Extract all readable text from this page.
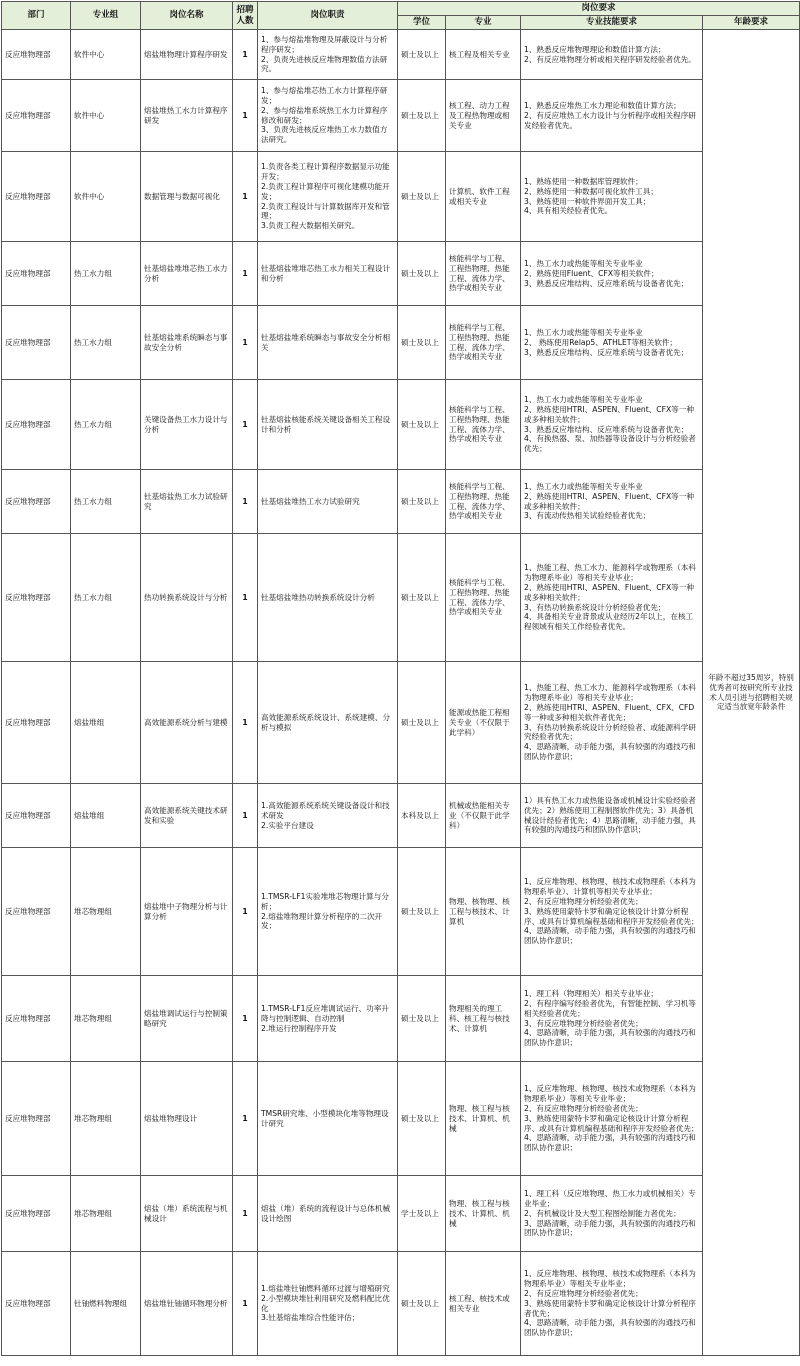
部门	专业组	岗位名称	招聘人数	岗位职责	岗位要求			
					学位	专业	专业技能要求	年龄要求
反应堆物理部	软件中心	熔盐堆物理计算程序研发	1	1、参与熔盐堆物理及屏蔽设计与分析程序研发；
2、负责先进核反应堆物理数值方法研究。	硕士及以上	核工程及相关专业	1、熟悉反应堆物理理论和数值计算方法；
2、有反应堆物理分析或相关程序研发经验者优先。	年龄不超过35周岁，特别优秀者可按研究所专业技术人员引进与招聘相关规定适当放宽年龄条件
反应堆物理部	软件中心	熔盐堆热工水力计算程序研发	1	1、参与熔盐堆芯热工水力计算程序研发；
2、参与熔盐堆系统热工水力计算程序修改和研发；
3、负责先进核反应堆热工水力数值方法研究。	硕士及以上	核工程、动力工程及工程热物理或相关专业	1、熟悉反应堆热工水力理论和数值计算方法；
2、有反应堆热工水力设计与分析程序或相关程序研发经验者优先。	

反应堆物理部	软件中心	数据管理与数据可视化	1	1.负责各类工程计算程序数据显示功能开发；
2.负责工程计算程序可视化建模功能开发；
2.负责工程设计与计算数据库开发和管理；
3.负责工程大数据相关研究。	硕士及以上	计算机、软件工程或相关专业	1、熟练使用一种数据库管理软件；
2、熟练使用一种数据可视化软件工具；
3、熟练使用一种软件界面开发工具；
4、具有相关经验者优先。	

反应堆物理部	热工水力组	钍基熔盐堆堆芯热工水力分析	1	钍基熔盐堆堆芯热工水力相关工程设计和分析	硕士及以上	核能科学与工程、工程热物理、热能工程、流体力学、热学或相关专业	1、热工水力或热能等相关专业毕业
2、熟练使用Fluent、CFX等相关软件；
3、熟悉反应堆结构、反应堆系统与设备者优先；	

反应堆物理部	热工水力组	钍基熔盐堆系统瞬态与事故安全分析	1	钍基熔盐堆系统瞬态与事故安全分析相关	硕士及以上	核能科学与工程、工程热物理、热能工程、流体力学、热学或相关专业	1、热工水力或热能等相关专业毕业
2、 熟练使用Relap5、ATHLET等相关软件；
3、熟悉反应堆结构、反应堆系统与设备者优先；	

反应堆物理部	热工水力组	关键设备热工水力设计与分析	1	钍基熔盐核能系统关键设备相关工程设计和分析	硕士及以上	核能科学与工程、工程热物理、热能工程、流体力学、热学或相关专业	1、热工水力或热能等相关专业毕业
2、熟练使用HTRI、ASPEN、Fluent、CFX等一种或多种相关软件；
3、熟悉反应堆结构、反应堆系统与设备者优先；
4、有换热器、泵、加热器等设备设计与分析经验者优先；	

反应堆物理部	热工水力组	钍基熔盐热工水力试验研究	1	钍基熔盐堆热工水力试验研究	硕士及以上	核能科学与工程、工程热物理、热能工程、流体力学、热学或相关专业	1、热工水力或热能等相关专业毕业
2、熟练使用HTRI、ASPEN、Fluent、CFX等一种或多种相关软件；
3、有流动传热相关试验经验者优先；	

反应堆物理部	热工水力组	热功转换系统设计与分析	1	钍基熔盐堆热功转换系统设计分析	硕士及以上	核能科学与工程、工程热物理、热能工程、流体力学、热学或相关专业	1、热能工程、热工水力、能源科学或物理系（本科为物理系毕业）等相关专业毕业；
2、熟练使用HTRI、ASPEN、Fluent、CFX等一种或多种相关软件；
3、有热功转换系统设计分析经验者优先；
4、具备相关专业背景或从业经历2年以上，在核工程领域有相关工作经验者优先。	

反应堆物理部	熔盐堆组	高效能源系统分析与建模	1	高效能源系统系统设计、系统建模、分析与模拟	硕士及以上	能源或热能工程相关专业（不仅限于此学科）	1、热能工程、热工水力、能源科学或物理系（本科为物理系毕业）等相关专业毕业；
2、熟练使用HTRI、ASPEN、Fluent、CFX、CFD等一种或多种相关软件者优先；
3、有热功转换系统设计分析经验者、或能源科学研究经验者优先；
4、思路清晰，动手能力强，具有较强的沟通技巧和团队协作意识；	

反应堆物理部	熔盐堆组	高效能源系统关键技术研发和实验	1	1.高效能源系统系统关键设备设计和技术研发
2.实验平台建设	本科及以上	机械或热能相关专业（不仅限于此学科）	1）具有热工水力或热能设备或机械设计实验经验者优先；2）熟练使用工程制图软件优先；3）具备机械设计经验者优先；4）思路清晰，动手能力强，具有较强的沟通技巧和团队协作意识；	

反应堆物理部	堆芯物理组	熔盐堆中子物理分析与计算分析	1	1.TMSR-LF1实验堆堆芯物理计算与分析；
2.熔盐堆物理计算分析程序的二次开发；	硕士及以上	物理、核物理、核工程与核技术、计算机	1、反应堆物理、核物理、核技术或物理系（本科为物理系毕业）、计算机等相关专业毕业；
2、有反应堆物理分析经验者优先；
3、熟练使用蒙特卡罗和确定论核设计计算分析程序、或具有计算机编程基础和程序开发经验者优先；
4、思路清晰，动手能力强，具有较强的沟通技巧和团队协作意识；	

反应堆物理部	堆芯物理组	熔盐堆调试运行与控制策略研究	1	1.TMSR-LF1反应堆调试运行、功率升降与控制逻辑、自动控制
2.堆运行控制程序开发	硕士及以上	物理相关的理工科、核工程与核技术、计算机	1、理工科（物理相关）相关专业毕业；
2、有程序编写经验者优先，有智能控制、学习机等相关经验者优先；
3、有反应堆物理分析经验者优先；
4、思路清晰，动手能力强，具有较强的沟通技巧和团队协作意识；	

反应堆物理部	堆芯物理组	熔盐堆物理设计	1	TMSR研究堆、小型模块化堆等物理设计研究	硕士及以上	物理、核工程与核技术、计算机、机械	1、反应堆物理、核物理、核技术或物理系（本科为物理系毕业）等相关专业毕业；
2、有反应堆物理分析经验者优先；
3、熟练使用蒙特卡罗和确定论核设计计算分析程序、或具有计算机编程基础和程序开发经验者优先；
4、思路清晰，动手能力强，具有较强的沟通技巧和团队协作意识；	

反应堆物理部	堆芯物理组	熔盐（堆）系统流程与机械设计	1	熔盐（堆）系统的流程设计与总体机械设计绘图	学士及以上	物理、核工程与核技术、计算机、机械	1、理工科（反应堆物理、热工水力或机械相关）专业毕业；
2、有机械设计及大型工程图绘制能力者优先；
3、思路清晰，动手能力强，具有较强的沟通技巧和团队协作意识；	

反应堆物理部	钍铀燃料物理组	熔盐堆钍铀循环物理分析	1	1.熔盐堆钍铀燃料循环过渡与增殖研究
2.小型模块堆钍利用研究及燃料配比优化
3.钍基熔盐堆综合性能评估；	硕士及以上	核工程、核技术或相关专业	1、反应堆物理、核物理、核技术或物理系（本科为物理系毕业）等相关专业毕业；
2、有反应堆物理分析经验者优先；
3、熟练使用蒙特卡罗和确定论核设计计算分析程序者优先；
4、思路清晰，动手能力强，具有较强的沟通技巧和团队协作意识；	
